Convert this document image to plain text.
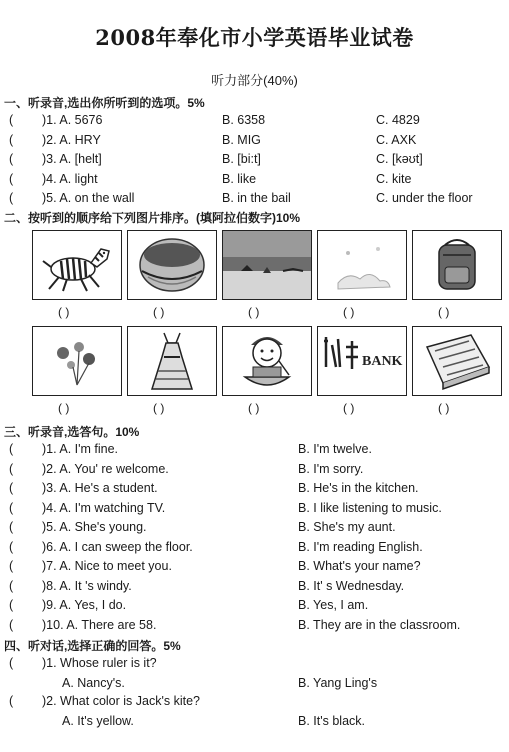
2008年奉化市小学英语毕业试卷
听力部分(40%)
一、听录音,选出你所听到的选项。5%
( )1. A. 5676	B. 6358	C. 4829
( )2. A. HRY	B. MIG	C. AXK
( )3. A. [helt]	B. [bi:t]	C. [kəʊt]
( )4. A. light	B. like	C. kite
( )5. A. on the wall	B. in the bail	C. under the floor
二、按听到的顺序给下列图片排序。(填阿拉伯数字)10%
( )	( )	( )	( )	( )
BANK
( )	( )	( )	( )	( )
三、听录音,选答句。10%
( )1. A. I'm fine.	B. I'm twelve.
( )2. A. You' re welcome.	B. I'm sorry.
( )3. A. He's a student.	B. He's in the kitchen.
( )4. A. I'm watching TV.	B. I like listening to music.
( )5. A. She's young.	B. She's my aunt.
( )6. A. I can sweep the floor.	B. I'm reading English.
( )7. A. Nice to meet you.	B. What's your name?
( )8. A. It 's windy.	B. It' s Wednesday.
( )9. A. Yes, I do.	B. Yes, I am.
( )10. A. There are 58.	B. They are in the classroom.
四、听对话,选择正确的回答。5%
( )1. Whose ruler is it?
A. Nancy's.	B. Yang Ling's
( )2. What color is Jack's kite?
A. It's yellow.	B. It's black.
